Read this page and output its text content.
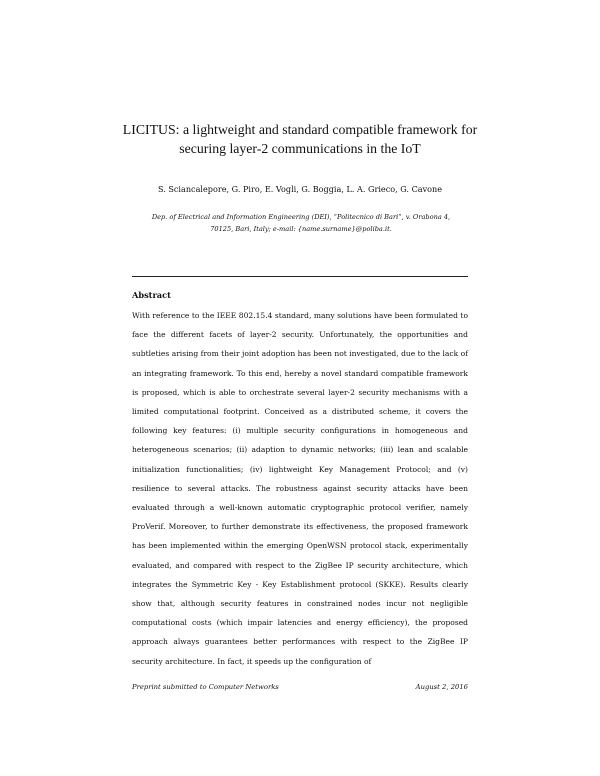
LICITUS: a lightweight and standard compatible framework for securing layer-2 communications in the IoT
S. Sciancalepore, G. Piro, E. Vogli, G. Boggia, L. A. Grieco, G. Cavone
Dep. of Electrical and Information Engineering (DEI), “Politecnico di Bari”, v. Orabona 4, 70125, Bari, Italy; e-mail: {name.surname}@poliba.it.
Abstract
With reference to the IEEE 802.15.4 standard, many solutions have been formulated to face the different facets of layer-2 security. Unfortunately, the opportunities and subtleties arising from their joint adoption has been not investigated, due to the lack of an integrating framework. To this end, hereby a novel standard compatible framework is proposed, which is able to orchestrate several layer-2 security mechanisms with a limited computational footprint. Conceived as a distributed scheme, it covers the following key features: (i) multiple security configurations in homogeneous and heterogeneous scenarios; (ii) adaption to dynamic networks; (iii) lean and scalable initialization functionalities; (iv) lightweight Key Management Protocol; and (v) resilience to several attacks. The robustness against security attacks have been evaluated through a well-known automatic cryptographic protocol verifier, namely ProVerif. Moreover, to further demonstrate its effectiveness, the proposed framework has been implemented within the emerging OpenWSN protocol stack, experimentally evaluated, and compared with respect to the ZigBee IP security architecture, which integrates the Symmetric Key - Key Establishment protocol (SKKE). Results clearly show that, although security features in constrained nodes incur not negligible computational costs (which impair latencies and energy efficiency), the proposed approach always guarantees better performances with respect to the ZigBee IP security architecture. In fact, it speeds up the configuration of
Preprint submitted to Computer Networks	August 2, 2016
